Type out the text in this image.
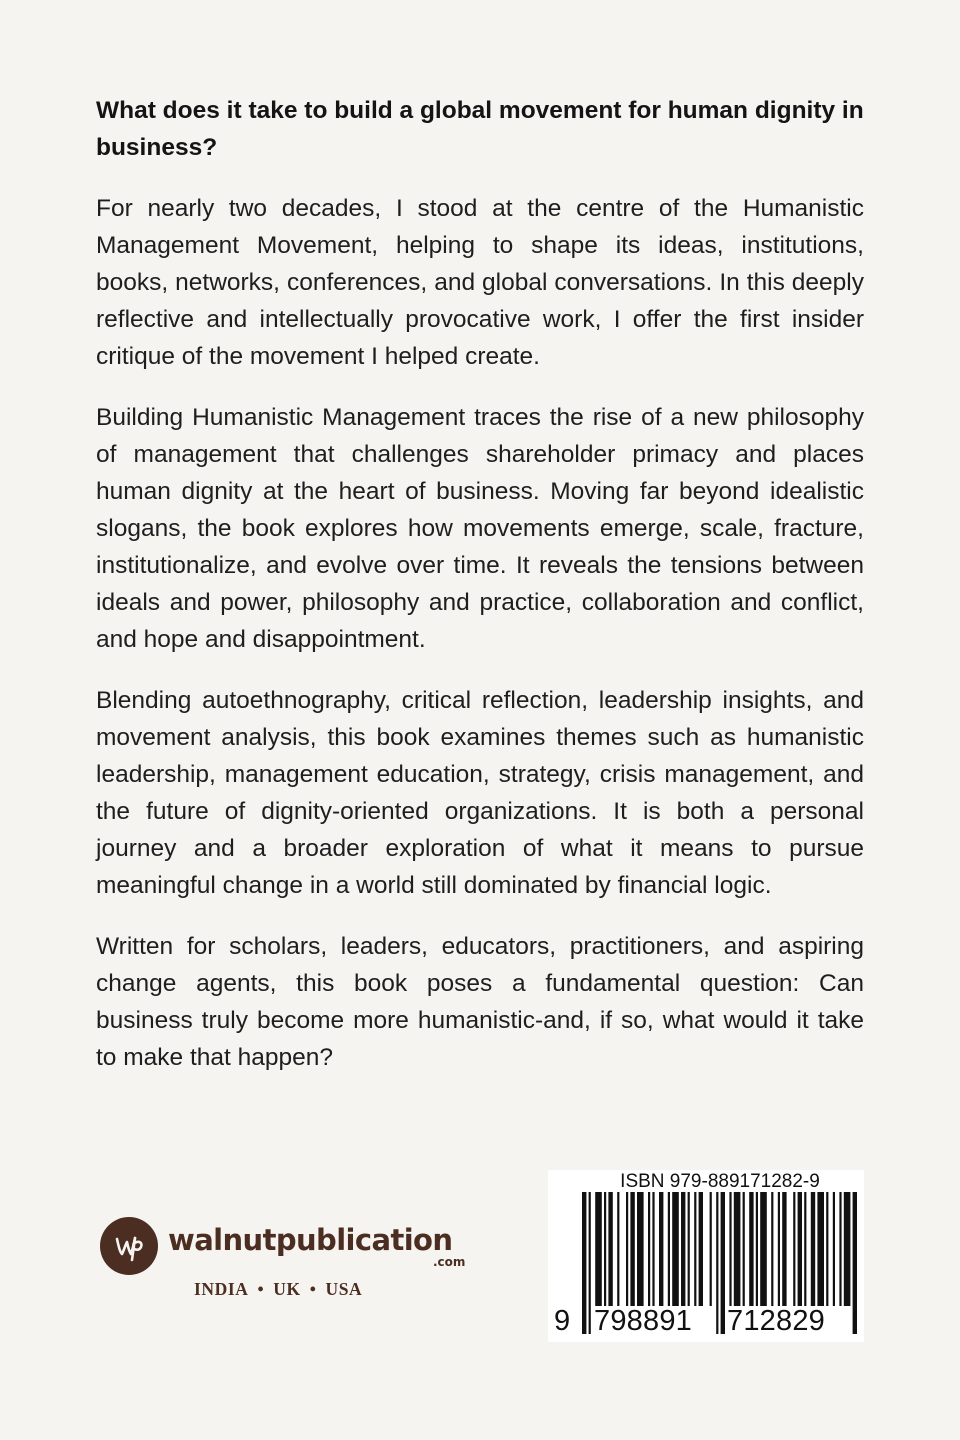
What does it take to build a global movement for human dignity in business?

For nearly two decades, I stood at the centre of the Humanistic Management Movement, helping to shape its ideas, institutions, books, networks, conferences, and global conversations. In this deeply reflective and intellectually provocative work, I offer the first insider critique of the movement I helped create.

Building Humanistic Management traces the rise of a new philosophy of management that challenges shareholder primacy and places human dignity at the heart of business. Moving far beyond idealistic slogans, the book explores how movements emerge, scale, fracture, institutionalize, and evolve over time. It reveals the tensions between ideals and power, philosophy and practice, collaboration and conflict, and hope and disappointment.

Blending autoethnography, critical reflection, leadership insights, and movement analysis, this book examines themes such as humanistic leadership, management education, strategy, crisis management, and the future of dignity-oriented organizations. It is both a personal journey and a broader exploration of what it means to pursue meaningful change in a world still dominated by financial logic.

Written for scholars, leaders, educators, practitioners, and aspiring change agents, this book poses a fundamental question: Can business truly become more humanistic-and, if so, what would it take to make that happen?

walnutpublication
.com
INDIA • UK • USA
ISBN 979-889171282-9
9 798891 712829
